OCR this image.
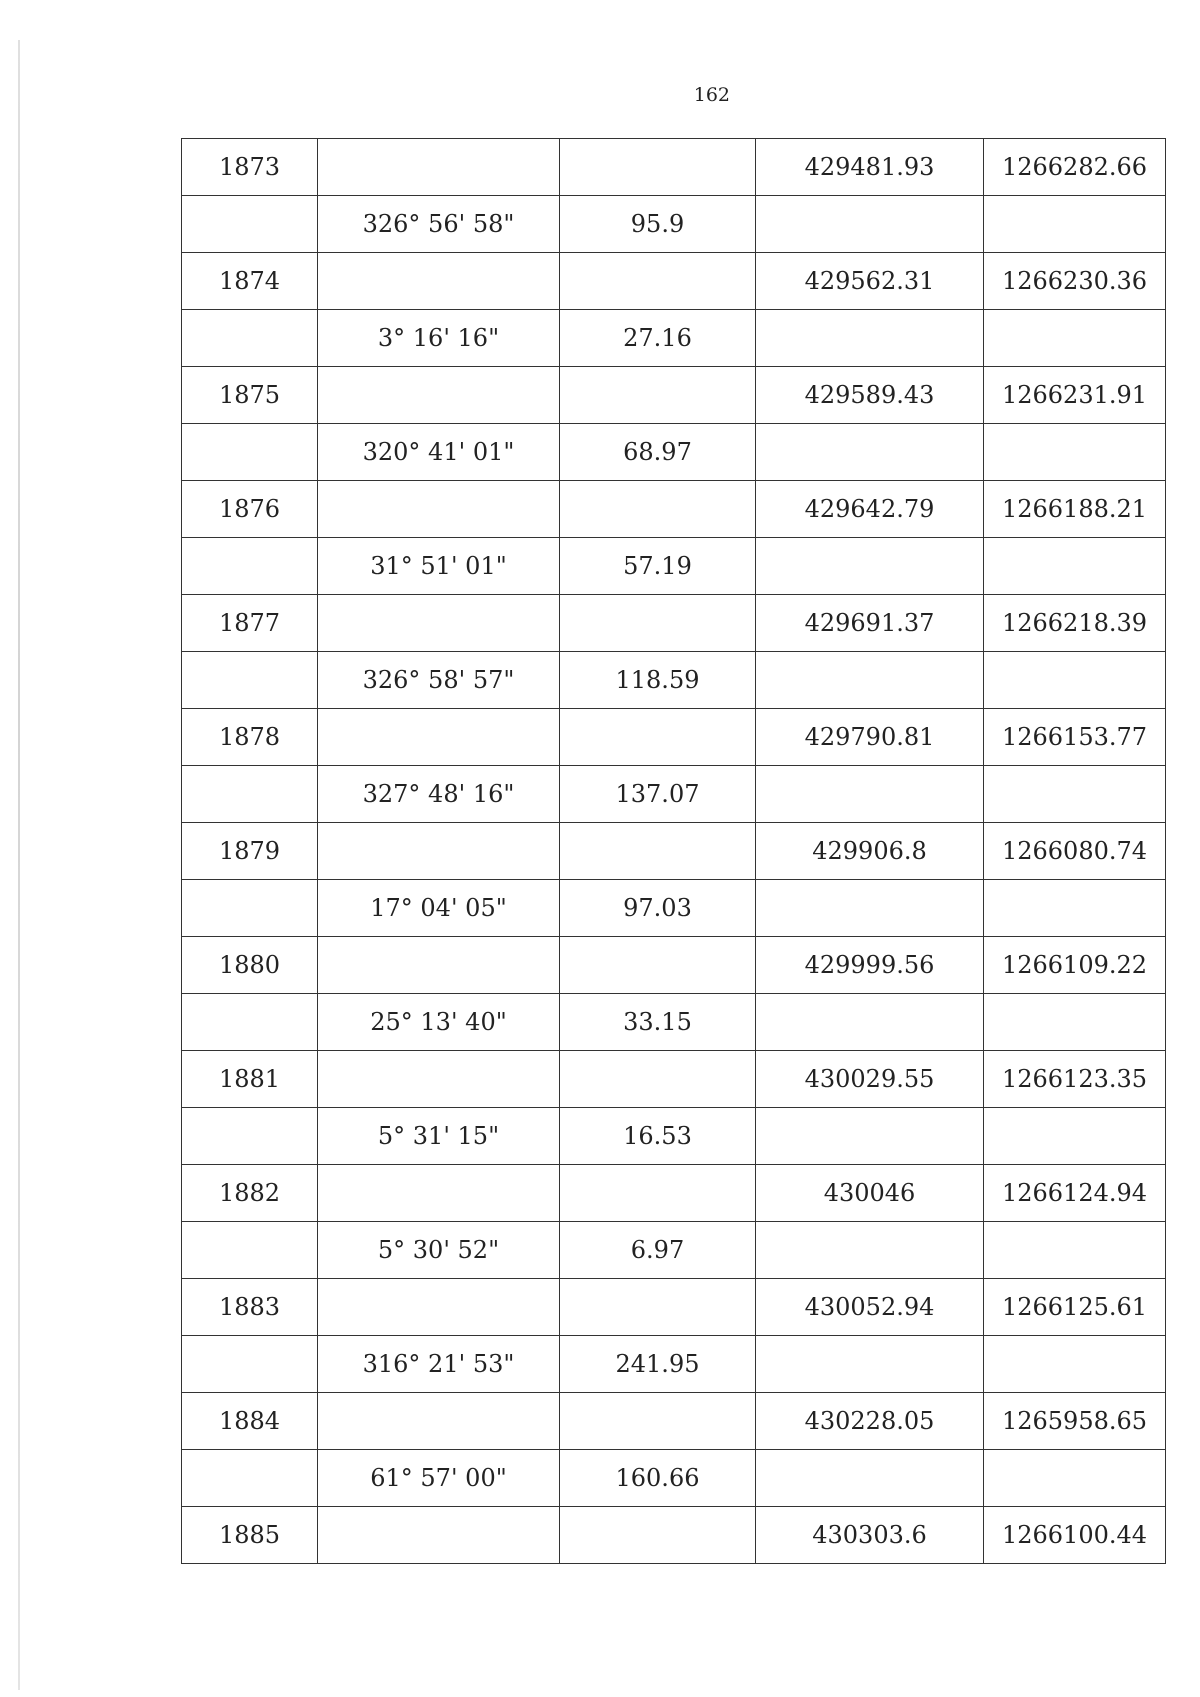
162
1873			429481.93	1266282.66
	326° 56' 58"	95.9		
1874			429562.31	1266230.36
	3° 16' 16"	27.16		
1875			429589.43	1266231.91
	320° 41' 01"	68.97		
1876			429642.79	1266188.21
	31° 51' 01"	57.19		
1877			429691.37	1266218.39
	326° 58' 57"	118.59		
1878			429790.81	1266153.77
	327° 48' 16"	137.07		
1879			429906.8	1266080.74
	17° 04' 05"	97.03		
1880			429999.56	1266109.22
	25° 13' 40"	33.15		
1881			430029.55	1266123.35
	5° 31' 15"	16.53		
1882			430046	1266124.94
	5° 30' 52"	6.97		
1883			430052.94	1266125.61
	316° 21' 53"	241.95		
1884			430228.05	1265958.65
	61° 57' 00"	160.66		
1885			430303.6	1266100.44
